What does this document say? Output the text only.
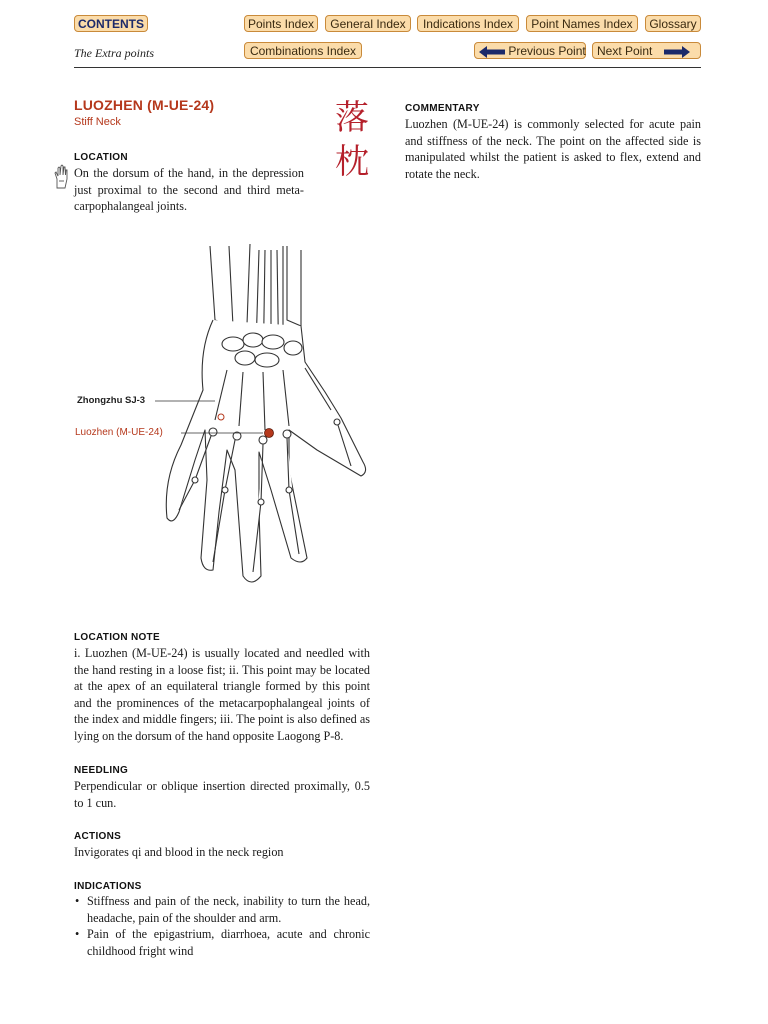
CONTENTS	Points Index	General Index	Indications Index	Point Names Index	Glossary
Combinations Index	Previous Point Next Point
The Extra points
LUOZHEN (M-UE-24)
Stiff Neck	落
枕
LOCATION
On the dorsum of the hand, in the depression just proximal to the second and third meta-carpophalangeal joints.
Zhongzhu SJ-3
Luozhen (M-UE-24)
LOCATION NOTE
i. Luozhen (M-UE-24) is usually located and needled with the hand resting in a loose fist; ii. This point may be located at the apex of an equilateral triangle formed by this point and the prominences of the metacarpophalangeal joints of the index and middle fingers; iii. The point is also defined as lying on the dorsum of the hand opposite Laogong P-8.
NEEDLING
Perpendicular or oblique insertion directed proximally, 0.5 to 1 cun.
ACTIONS
Invigorates qi and blood in the neck region
INDICATIONS
• Stiffness and pain of the neck, inability to turn the head, headache, pain of the shoulder and arm.
• Pain of the epigastrium, diarrhoea, acute and chronic childhood fright wind
COMMENTARY
Luozhen (M-UE-24) is commonly selected for acute pain and stiffness of the neck. The point on the affected side is manipulated whilst the patient is asked to flex, extend and rotate the neck.
